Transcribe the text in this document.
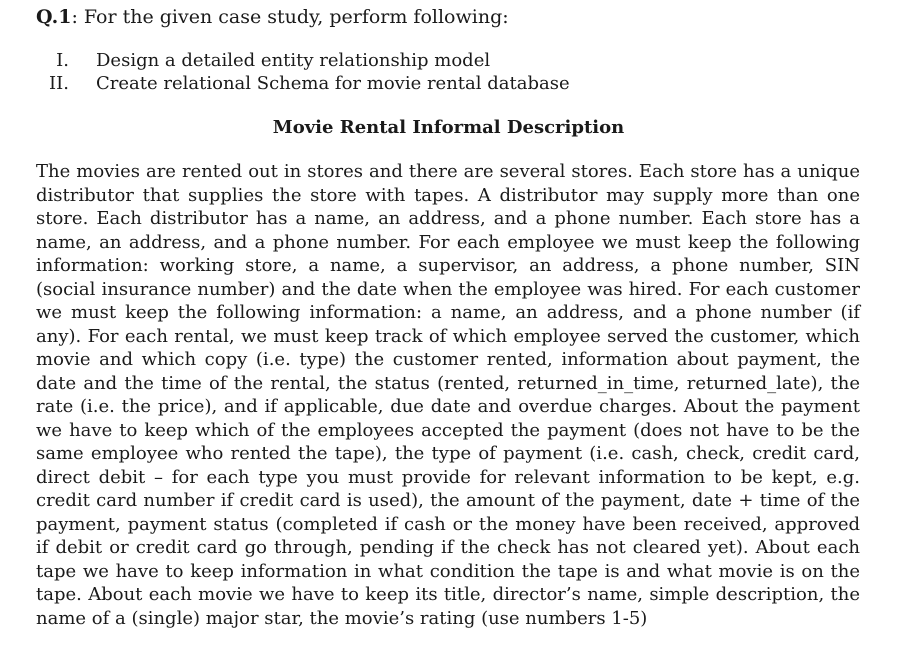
Q.1: For the given case study, perform following:
I. Design a detailed entity relationship model
II. Create relational Schema for movie rental database
Movie Rental Informal Description

The movies are rented out in stores and there are several stores. Each store has a unique distributor that supplies the store with tapes. A distributor may supply more than one store. Each distributor has a name, an address, and a phone number. Each store has a name, an address, and a phone number. For each employee we must keep the following information: working store, a name, a supervisor, an address, a phone number, SIN (social insurance number) and the date when the employee was hired. For each customer we must keep the following information: a name, an address, and a phone number (if any). For each rental, we must keep track of which employee served the customer, which movie and which copy (i.e. type) the customer rented, information about payment, the date and the time of the rental, the status (rented, returned_in_time, returned_late), the rate (i.e. the price), and if applicable, due date and overdue charges. About the payment we have to keep which of the employees accepted the payment (does not have to be the same employee who rented the tape), the type of payment (i.e. cash, check, credit card, direct debit – for each type you must provide for relevant information to be kept, e.g. credit card number if credit card is used), the amount of the payment, date + time of the payment, payment status (completed if cash or the money have been received, approved if debit or credit card go through, pending if the check has not cleared yet). About each tape we have to keep information in what condition the tape is and what movie is on the tape. About each movie we have to keep its title, director’s name, simple description, the name of a (single) major star, the movie’s rating (use numbers 1-5)
